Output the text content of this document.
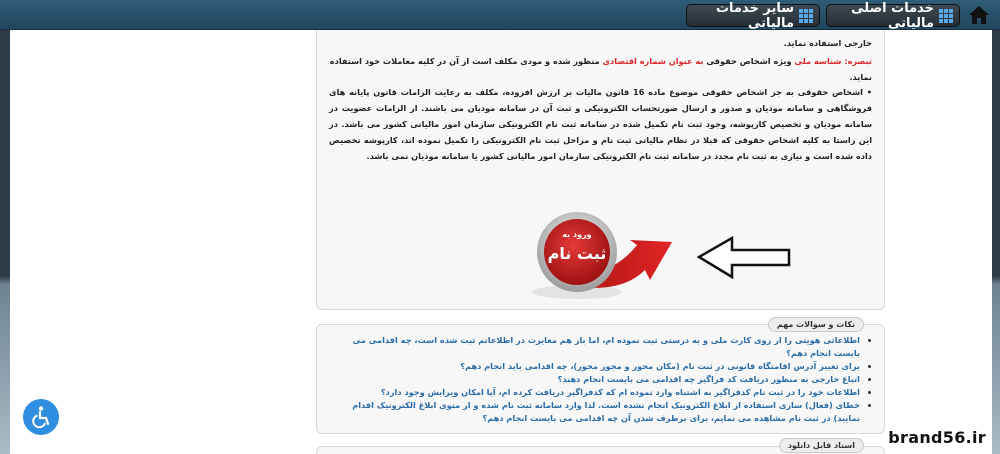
خدمات اصلی مالیاتی
سایر خدمات مالیاتی
خارجی استفاده نماید.
تبصره: شناسه ملی ویژه اشخاص حقوقی به عنوان شماره اقتصادی منظور شده و مودی مکلف است از آن در کلیه معاملات خود استفاده نماید.

• اشخاص حقوقی به جز اشخاص حقوقی موضوع ماده 16 قانون مالیات بر ارزش افزوده، مکلف به رعایت الزامات قانون پایانه های فروشگاهی و سامانه مودیان و صدور و ارسال صورتحساب الکترونیکی و ثبت آن در سامانه مودیان می باشند. از الزامات عضویت در سامانه مودیان و تخصیص کارپوشه، وجود ثبت نام تکمیل شده در سامانه ثبت نام الکترونیکی سازمان امور مالیاتی کشور می باشد. در این راستا به کلیه اشخاص حقوقی که قبلا در نظام مالیاتی ثبت نام و مراحل ثبت نام الکترونیکی را تکمیل نموده اند، کارپوشه تخصیص داده شده است و نیازی به ثبت نام مجدد در سامانه ثبت نام الکترونیکی سازمان امور مالیاتی کشور یا سامانه مودیان نمی باشد.

ورود به
ثبت نام
نکات و سوالات مهم
اطلاعاتی هویتی را از روی کارت ملی و به درستی ثبت نموده ام، اما باز هم مغایرت در اطلاعاتم ثبت شده است، چه اقدامی می بایست انجام دهم؟
برای تغییر آدرس اقامتگاه قانونی در ثبت نام (مکان محور و مجوز محور)، چه اقدامی باید انجام دهم؟
اتباع خارجی به منظور دریافت کد فراگیر چه اقدامی می بایست انجام دهند؟
اطلاعات خود را در ثبت نام کدفراگیر به اشتباه وارد نموده ام که کدفراگیر دریافت کرده ام، آیا امکان ویرایش وجود دارد؟
خطای (فعال) سازی استفاده از ابلاغ الکترونیک انجام نشده است. لذا وارد سامانه ثبت نام شده و از منوی ابلاغ الکترونیک اقدام نمایید) در ثبت نام مشاهده می نمایم، برای برطرف شدن آن چه اقدامی می بایست انجام دهم؟
اسناد قابل دانلود	brand56.ir
